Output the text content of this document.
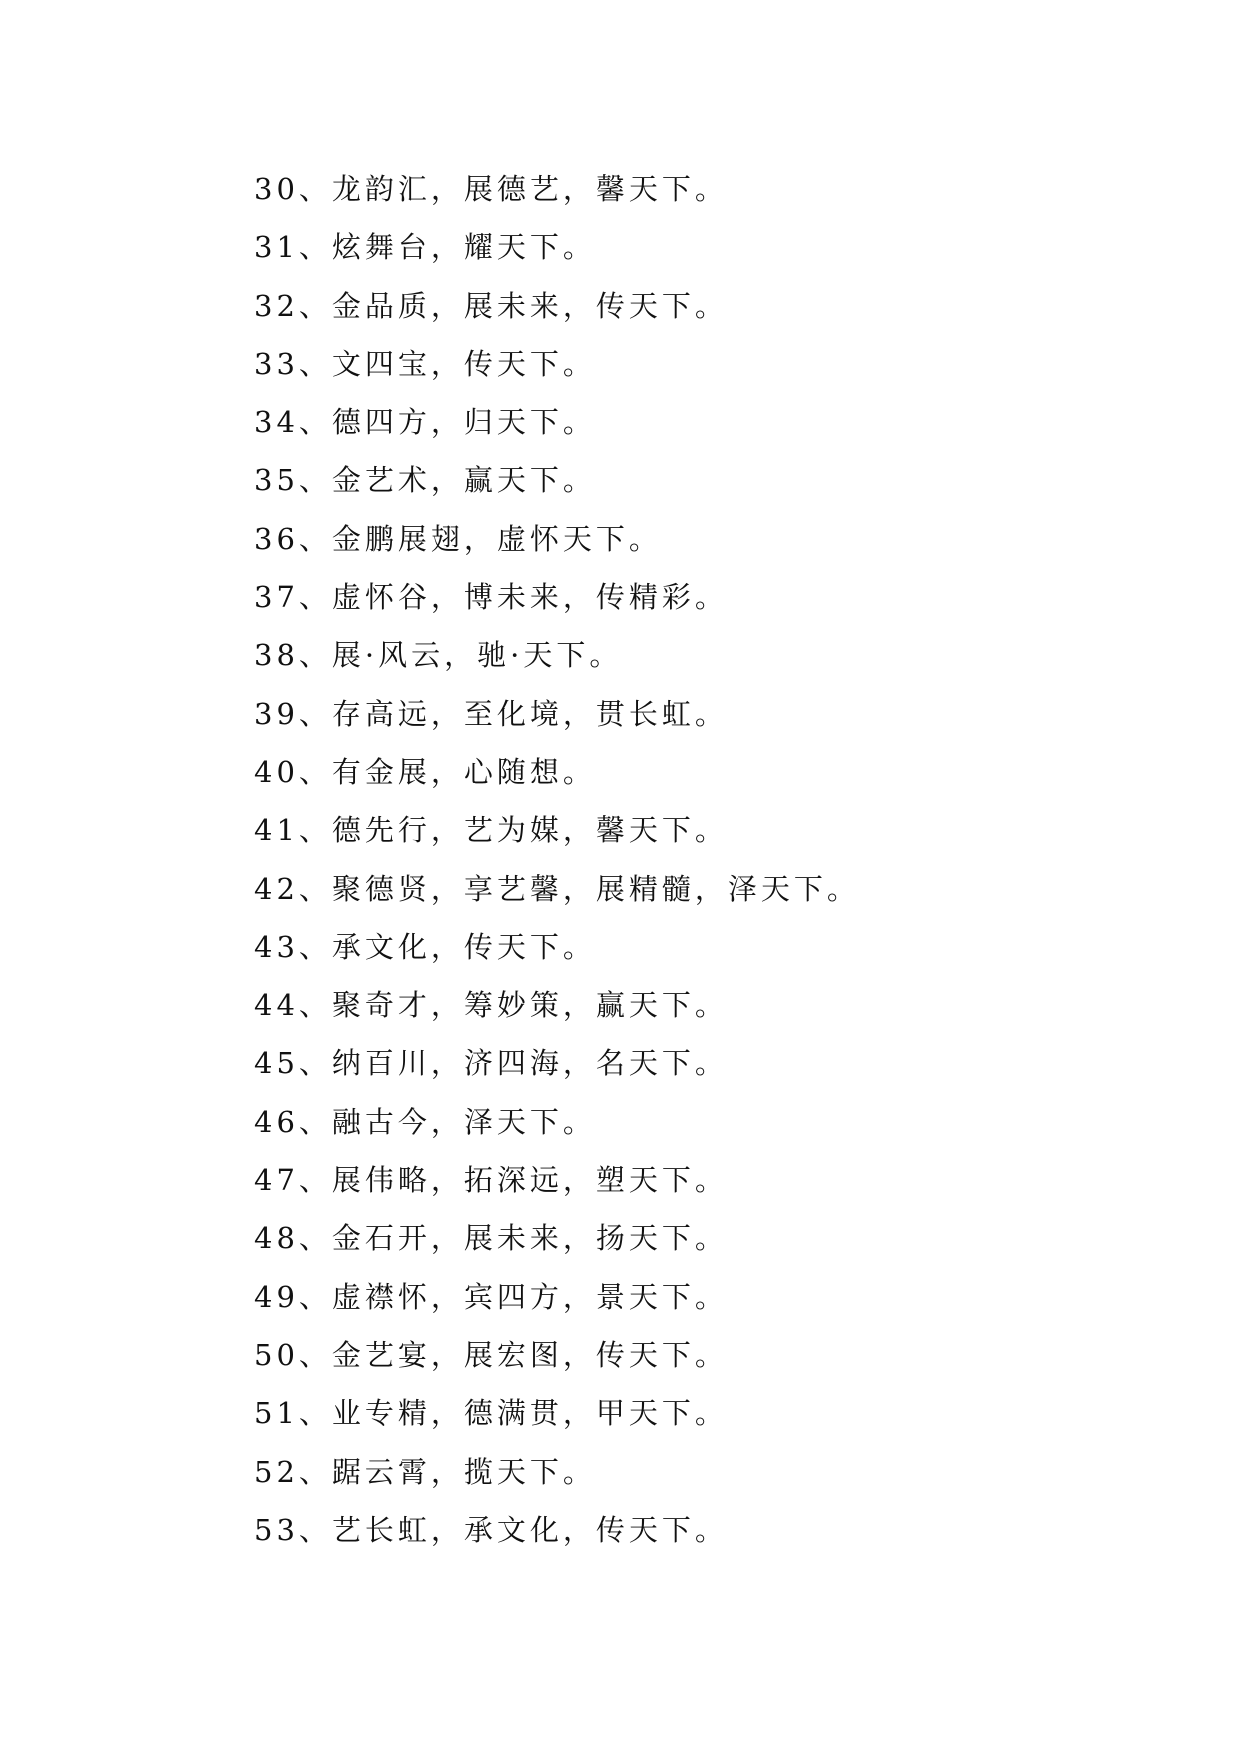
30、龙韵汇，展德艺，馨天下。
31、炫舞台，耀天下。
32、金品质，展未来，传天下。
33、文四宝，传天下。
34、德四方，归天下。
35、金艺术，赢天下。
36、金鹏展翅，虚怀天下。
37、虚怀谷，博未来，传精彩。
38、展·风云，驰·天下。
39、存高远，至化境，贯长虹。
40、有金展，心随想。
41、德先行，艺为媒，馨天下。
42、聚德贤，享艺馨，展精髓，泽天下。
43、承文化，传天下。
44、聚奇才，筹妙策，赢天下。
45、纳百川，济四海，名天下。
46、融古今，泽天下。
47、展伟略，拓深远，塑天下。
48、金石开，展未来，扬天下。
49、虚襟怀，宾四方，景天下。
50、金艺宴，展宏图，传天下。
51、业专精，德满贯，甲天下。
52、踞云霄，揽天下。
53、艺长虹，承文化，传天下。
